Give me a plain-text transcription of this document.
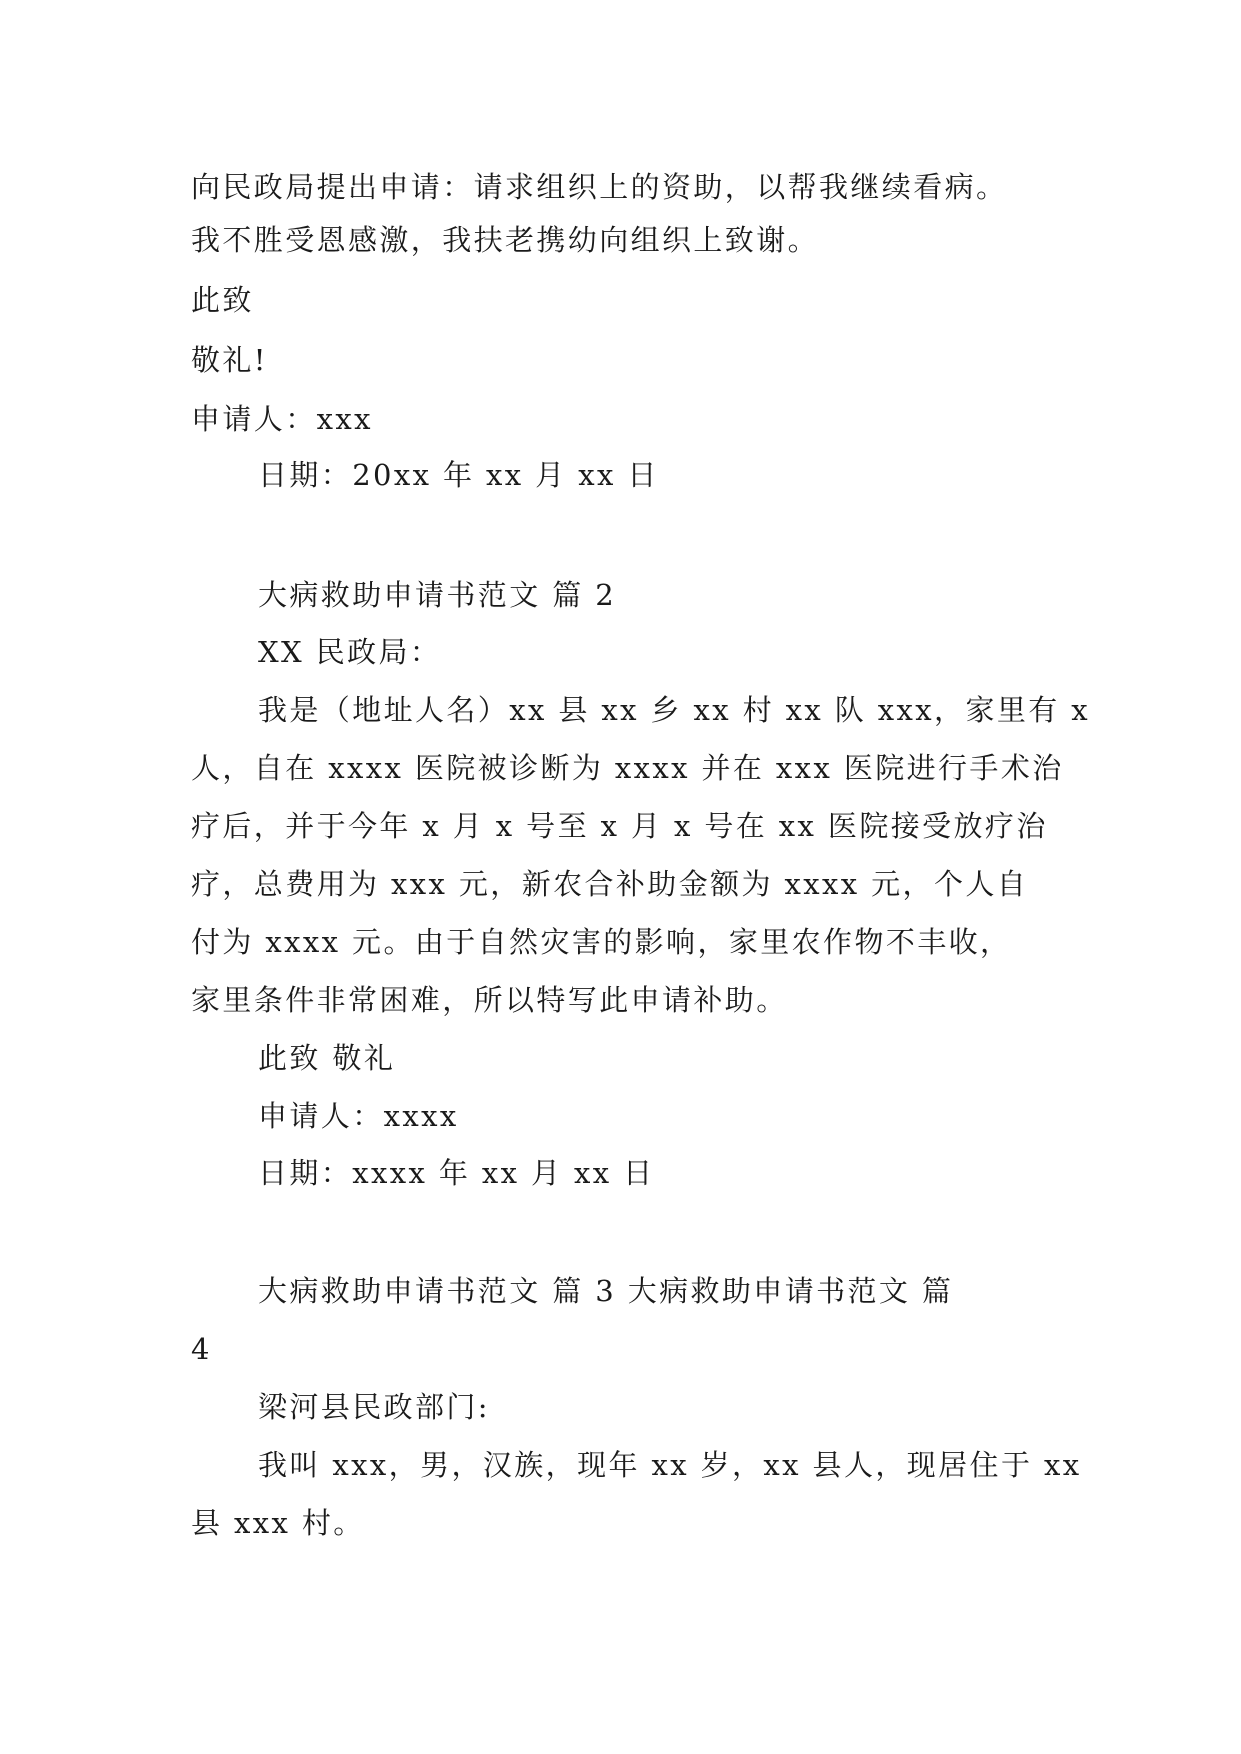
向民政局提出申请：请求组织上的资助，以帮我继续看病。
我不胜受恩感激，我扶老携幼向组织上致谢。
此致
敬礼!
申请人：xxx
日期：20xx 年 xx 月 xx 日
大病救助申请书范文 篇 2
XX 民政局：
我是（地址人名）xx 县 xx 乡 xx 村 xx 队 xxx，家里有 x
人，自在 xxxx 医院被诊断为 xxxx 并在 xxx 医院进行手术治
疗后，并于今年 x 月 x 号至 x 月 x 号在 xx 医院接受放疗治
疗，总费用为 xxx 元，新农合补助金额为 xxxx 元，个人自
付为 xxxx 元。由于自然灾害的影响，家里农作物不丰收，
家里条件非常困难，所以特写此申请补助。
此致 敬礼
申请人：xxxx
日期：xxxx 年 xx 月 xx 日
大病救助申请书范文 篇 3 大病救助申请书范文 篇
4
梁河县民政部门:
我叫 xxx，男，汉族，现年 xx 岁，xx 县人，现居住于 xx
县 xxx 村。
